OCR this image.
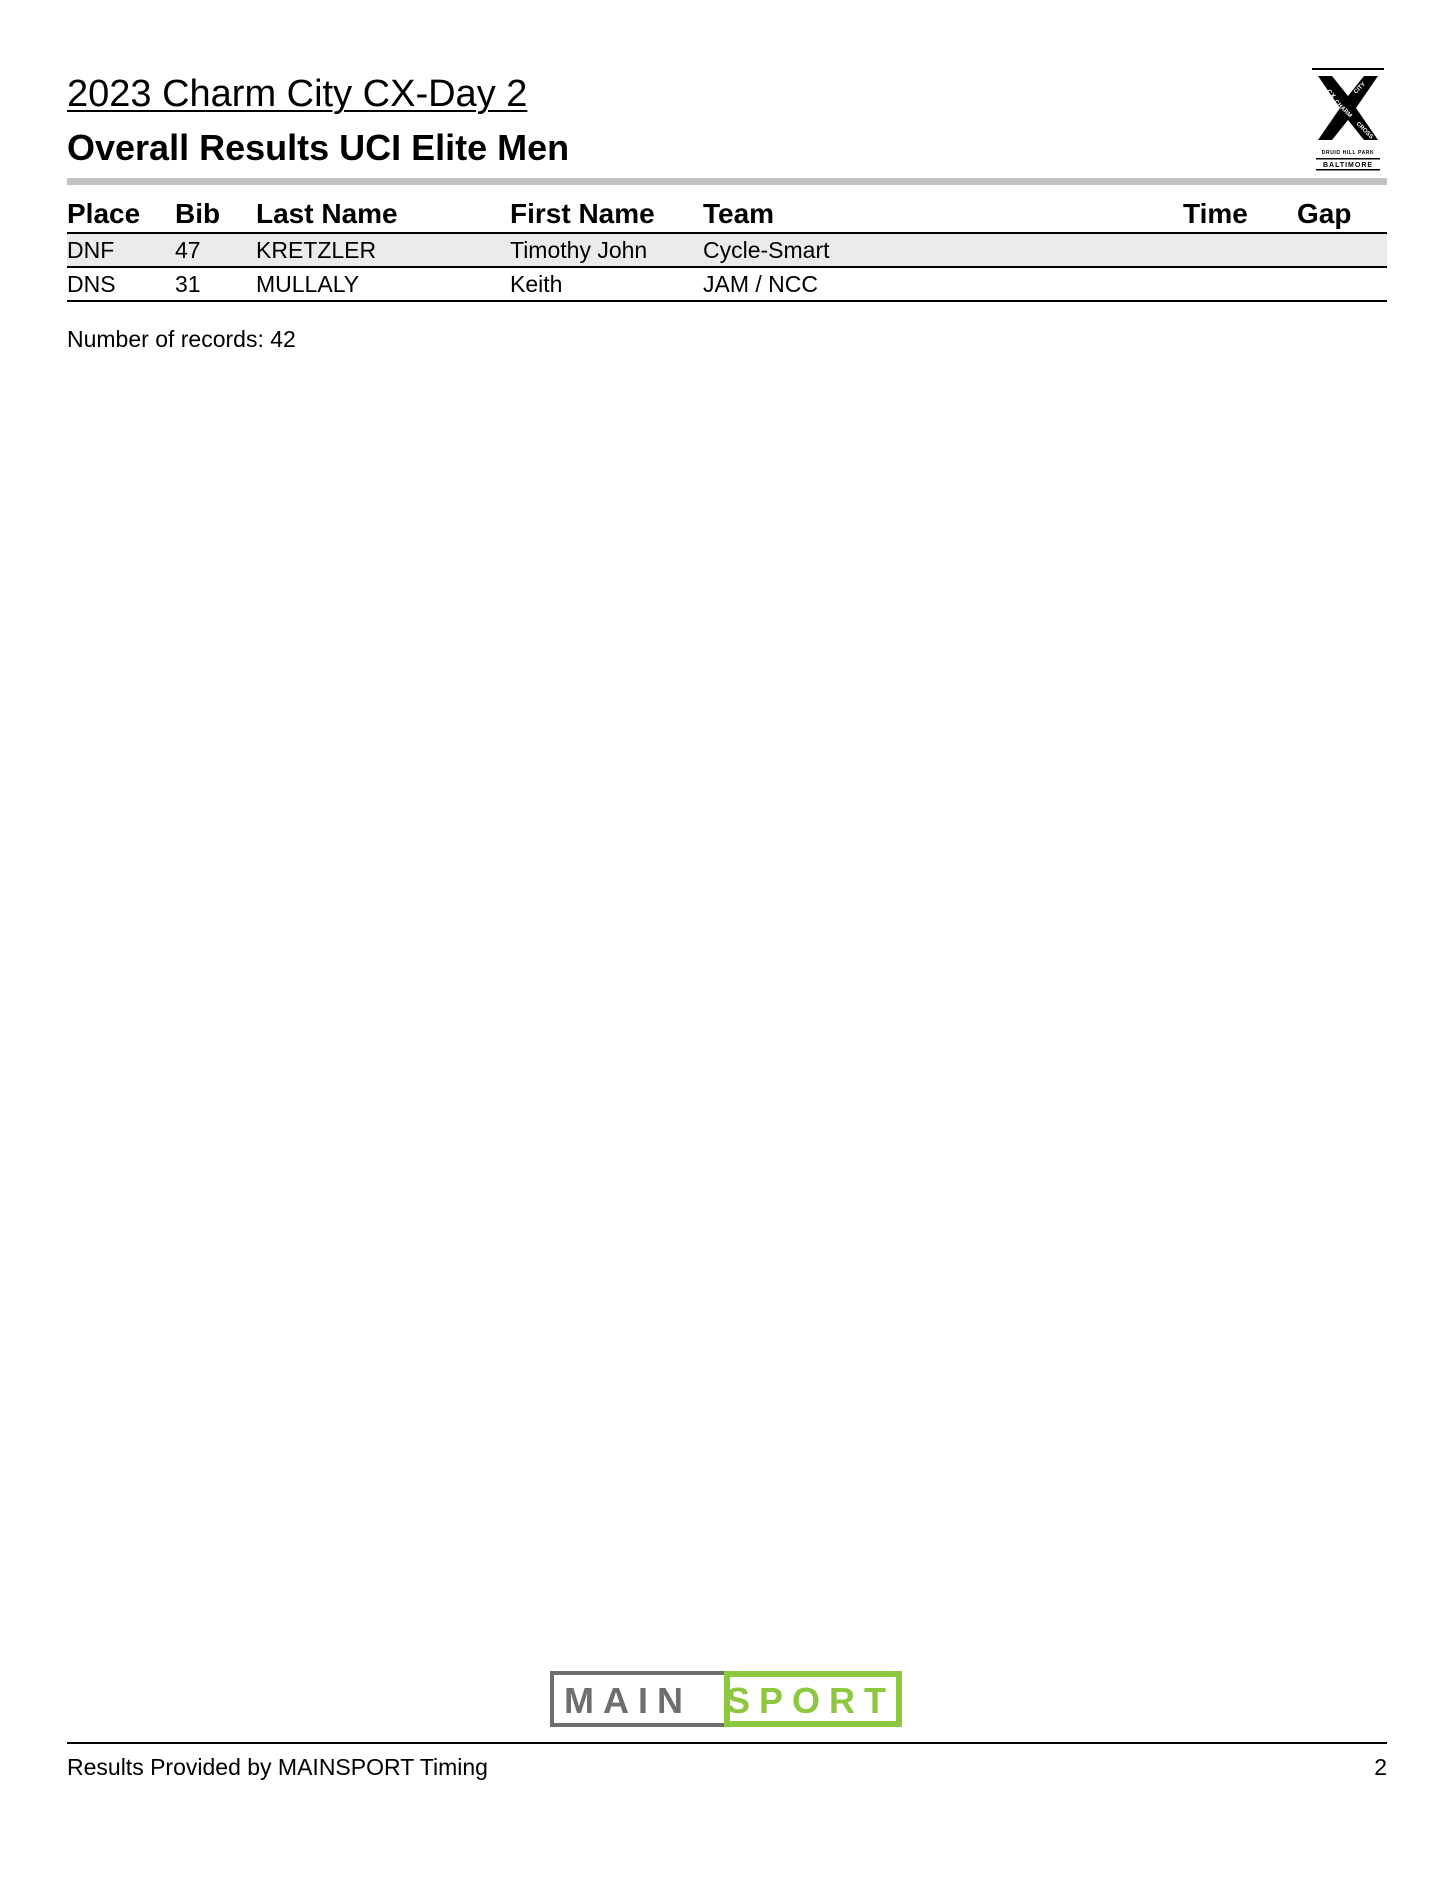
2023 Charm City CX-Day 2
Overall Results UCI Elite Men
CX
CHARM
CITY
CROSS
DRUID HILL PARK
BALTIMORE
Place	Bib	Last Name	First Name	Team	Time	Gap
DNF	47	KRETZLER	Timothy John	Cycle-Smart		
DNS	31	MULLALY	Keith	JAM / NCC		
Number of records: 42
MAIN SPORT
Results Provided by MAINSPORT Timing	2
